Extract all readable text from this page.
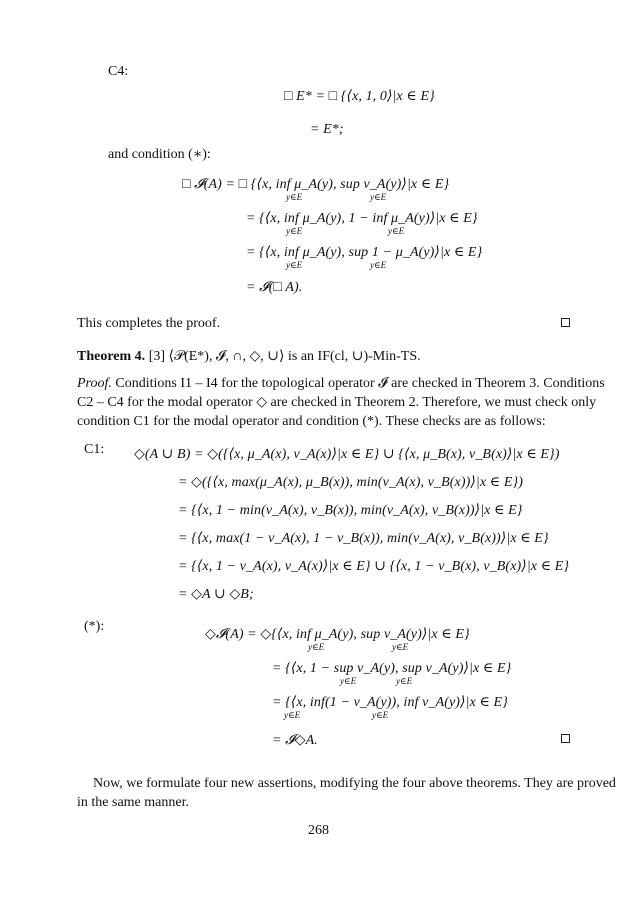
C4:
□ E* = □ {⟨x, 1, 0⟩|x ∈ E}
= E*;
and condition (∗):
□ 𝓘(A) = □ {⟨x, inf μ_A(y), sup ν_A(y)⟩|x ∈ E}
y∈E	y∈E
= {⟨x, inf μ_A(y), 1 − inf μ_A(y)⟩|x ∈ E}
y∈E	y∈E
= {⟨x, inf μ_A(y), sup 1 − μ_A(y)⟩|x ∈ E}
y∈E	y∈E
= 𝓘(□ A).
This completes the proof.
Theorem 4. [3] ⟨𝒫(E*), 𝓘, ∩, ◇, ∪⟩ is an IF(cl, ∪)-Min-TS.
Proof. Conditions I1 – I4 for the topological operator 𝓘 are checked in Theorem 3. Conditions
C2 – C4 for the modal operator ◇ are checked in Theorem 2. Therefore, we must check only
condition C1 for the modal operator and condition (*). These checks are as follows:
C1: ◇(A ∪ B) = ◇({⟨x, μ_A(x), ν_A(x)⟩|x ∈ E} ∪ {⟨x, μ_B(x), ν_B(x)⟩|x ∈ E})
= ◇({⟨x, max(μ_A(x), μ_B(x)), min(ν_A(x), ν_B(x))⟩|x ∈ E})
= {⟨x, 1 − min(ν_A(x), ν_B(x)), min(ν_A(x), ν_B(x))⟩|x ∈ E}
= {⟨x, max(1 − ν_A(x), 1 − ν_B(x)), min(ν_A(x), ν_B(x))⟩|x ∈ E}
= {⟨x, 1 − ν_A(x), ν_A(x)⟩|x ∈ E} ∪ {⟨x, 1 − ν_B(x), ν_B(x)⟩|x ∈ E}
= ◇A ∪ ◇B;
(*):
◇𝓘(A) = ◇{⟨x, inf μ_A(y), sup ν_A(y)⟩|x ∈ E}
y∈E	y∈E
= {⟨x, 1 − sup ν_A(y), sup ν_A(y)⟩|x ∈ E}
y∈E	y∈E
= {⟨x, inf(1 − ν_A(y)), inf ν_A(y)⟩|x ∈ E}
y∈E	y∈E
= 𝓘◇A.
Now, we formulate four new assertions, modifying the four above theorems. They are proved
in the same manner.
268
